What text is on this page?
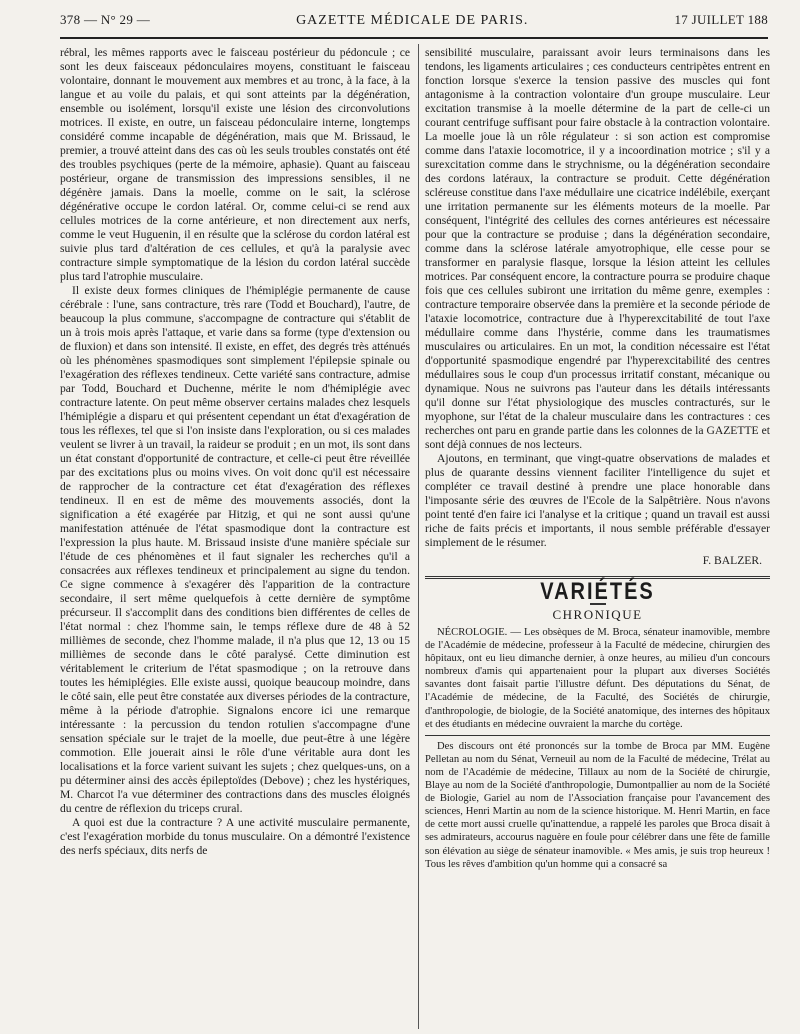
378 — N° 29 —	GAZETTE MÉDICALE DE PARIS.	17 JUILLET 188

rébral, les mêmes rapports avec le faisceau postérieur du pédoncule ; ce sont les deux faisceaux pédonculaires moyens, constituant le faisceau volontaire, donnant le mouvement aux membres et au tronc, à la face, à la langue et au voile du palais, et qui sont atteints par la dégénération, ensemble ou isolément, lorsqu'il existe une lésion des circonvolutions motrices. Il existe, en outre, un faisceau pédonculaire interne, longtemps considéré comme incapable de dégénération, mais que M. Brissaud, le premier, a trouvé atteint dans des cas où les seuls troubles constatés ont été des troubles psychiques (perte de la mémoire, aphasie). Quant au faisceau postérieur, organe de transmission des impressions sensibles, il ne dégénère jamais. Dans la moelle, comme on le sait, la sclérose dégénérative occupe le cordon latéral. Or, comme celui-ci se rend aux cellules motrices de la corne antérieure, et non directement aux nerfs, comme le veut Huguenin, il en résulte que la sclérose du cordon latéral est suivie plus tard d'altération de ces cellules, et qu'à la paralysie avec contracture simple symptomatique de la lésion du cordon latéral succède plus tard l'atrophie musculaire.

Il existe deux formes cliniques de l'hémiplégie permanente de cause cérébrale : l'une, sans contracture, très rare (Todd et Bouchard), l'autre, de beaucoup la plus commune, s'accompagne de contracture qui s'établit de un à trois mois après l'attaque, et varie dans sa forme (type d'extension ou de fluxion) et dans son intensité. Il existe, en effet, des degrés très atténués où les phénomènes spasmodiques sont simplement l'épilepsie spinale ou l'exagération des réflexes tendineux. Cette variété sans contracture, admise par Todd, Bouchard et Duchenne, mérite le nom d'hémiplégie avec contracture latente. On peut même observer certains malades chez lesquels l'hémiplégie a disparu et qui présentent cependant un état d'exagération de tous les réflexes, tel que si l'on insiste dans l'exploration, ou si ces malades veulent se livrer à un travail, la raideur se produit ; en un mot, ils sont dans un état constant d'opportunité de contracture, et celle-ci peut être réveillée par des excitations plus ou moins vives. On voit donc qu'il est nécessaire de rapprocher de la contracture cet état d'exagération des réflexes tendineux. Il en est de même des mouvements associés, dont la signification a été exagérée par Hitzig, et qui ne sont aussi qu'une manifestation atténuée de l'état spasmodique dont la contracture est l'expression la plus haute. M. Brissaud insiste d'une manière spéciale sur l'étude de ces phénomènes et il faut signaler les recherches qu'il a consacrées aux réflexes tendineux et principalement au signe du tendon. Ce signe commence à s'exagérer dès l'apparition de la contracture secondaire, il sert même quelquefois à cette dernière de symptôme précurseur. Il s'accomplit dans des conditions bien différentes de celles de l'état normal : chez l'homme sain, le temps réflexe dure de 48 à 52 millièmes de seconde, chez l'homme malade, il n'a plus que 12, 13 ou 15 millièmes de seconde dans le côté paralysé. Cette diminution est véritablement le criterium de l'état spasmodique ; on la retrouve dans toutes les hémiplégies. Elle existe aussi, quoique beaucoup moindre, dans le côté sain, elle peut être constatée aux diverses périodes de la contracture, même à la période d'atrophie. Signalons encore ici une remarque intéressante : la percussion du tendon rotulien s'accompagne d'une sensation spéciale sur le trajet de la moelle, due peut-être à une légère commotion. Elle jouerait ainsi le rôle d'une véritable aura dont les localisations et la force varient suivant les sujets ; chez quelques-uns, on a pu déterminer ainsi des accès épileptoïdes (Debove) ; chez les hystériques, M. Charcot l'a vue déterminer des contractions dans des muscles éloignés du centre de réflexion du triceps crural.

A quoi est due la contracture ? A une activité musculaire permanente, c'est l'exagération morbide du tonus musculaire. On a démontré l'existence des nerfs spéciaux, dits nerfs de

sensibilité musculaire, paraissant avoir leurs terminaisons dans les tendons, les ligaments articulaires ; ces conducteurs centripètes entrent en fonction lorsque s'exerce la tension passive des muscles qui font antagonisme à la contraction volontaire d'un groupe musculaire. Leur excitation transmise à la moelle détermine de la part de celle-ci un courant centrifuge suffisant pour faire obstacle à la contraction volontaire. La moelle joue là un rôle régulateur : si son action est compromise comme dans l'ataxie locomotrice, il y a incoordination motrice ; s'il y a surexcitation comme dans le strychnisme, ou la dégénération secondaire des cordons latéraux, la contracture se produit. Cette dégénération scléreuse constitue dans l'axe médullaire une cicatrice indélébile, exerçant une irritation permanente sur les éléments moteurs de la moelle. Par conséquent, l'intégrité des cellules des cornes antérieures est nécessaire pour que la contracture se produise ; dans la dégénération secondaire, comme dans la sclérose latérale amyotrophique, elle cesse pour se transformer en paralysie flasque, lorsque la lésion atteint les cellules motrices. Par conséquent encore, la contracture pourra se produire chaque fois que ces cellules subiront une irritation du même genre, exemples : contracture temporaire observée dans la première et la seconde période de l'ataxie locomotrice, contracture due à l'hyperexcitabilité de tout l'axe médullaire comme dans l'hystérie, comme dans les traumatismes musculaires ou articulaires. En un mot, la condition nécessaire est l'état d'opportunité spasmodique engendré par l'hyperexcitabilité des centres médullaires sous le coup d'un processus irritatif constant, mécanique ou dynamique. Nous ne suivrons pas l'auteur dans les détails intéressants qu'il donne sur l'état physiologique des muscles contracturés, sur le myophone, sur l'état de la chaleur musculaire dans les contractures : ces recherches ont paru en grande partie dans les colonnes de la GAZETTE et sont déjà connues de nos lecteurs.

Ajoutons, en terminant, que vingt-quatre observations de malades et plus de quarante dessins viennent faciliter l'intelligence du sujet et compléter ce travail destiné à prendre une place honorable dans l'imposante série des œuvres de l'Ecole de la Salpêtrière. Nous n'avons point tenté d'en faire ici l'analyse et la critique ; quand un travail est aussi riche de faits précis et importants, il nous semble préférable d'essayer simplement de le résumer.

F. BALZER.

VARIÉTÉS
CHRONIQUE

NÉCROLOGIE. — Les obsèques de M. Broca, sénateur inamovible, membre de l'Académie de médecine, professeur à la Faculté de médecine, chirurgien des hôpitaux, ont eu lieu dimanche dernier, à onze heures, au milieu d'un concours nombreux d'amis qui appartenaient pour la plupart aux diverses Sociétés savantes dont faisait partie l'illustre défunt. Des députations du Sénat, de l'Académie de médecine, de la Faculté, des Sociétés de chirurgie, d'anthropologie, de biologie, de la Société anatomique, des internes des hôpitaux et des étudiants en médecine ouvraient la marche du cortège.

Des discours ont été prononcés sur la tombe de Broca par MM. Eugène Pelletan au nom du Sénat, Verneuil au nom de la Faculté de médecine, Trélat au nom de l'Académie de médecine, Tillaux au nom de la Société de chirurgie, Blaye au nom de la Société d'anthropologie, Dumontpallier au nom de la Société de Biologie, Gariel au nom de l'Association française pour l'avancement des sciences, Henri Martin au nom de la science historique. M. Henri Martin, en face de cette mort aussi cruelle qu'inattendue, a rappelé les paroles que Broca disait à ses admirateurs, accourus naguère en foule pour célébrer dans une fête de famille son élévation au siège de sénateur inamovible. « Mes amis, je suis trop heureux ! Tous les rêves d'ambition qu'un homme qui a consacré sa
